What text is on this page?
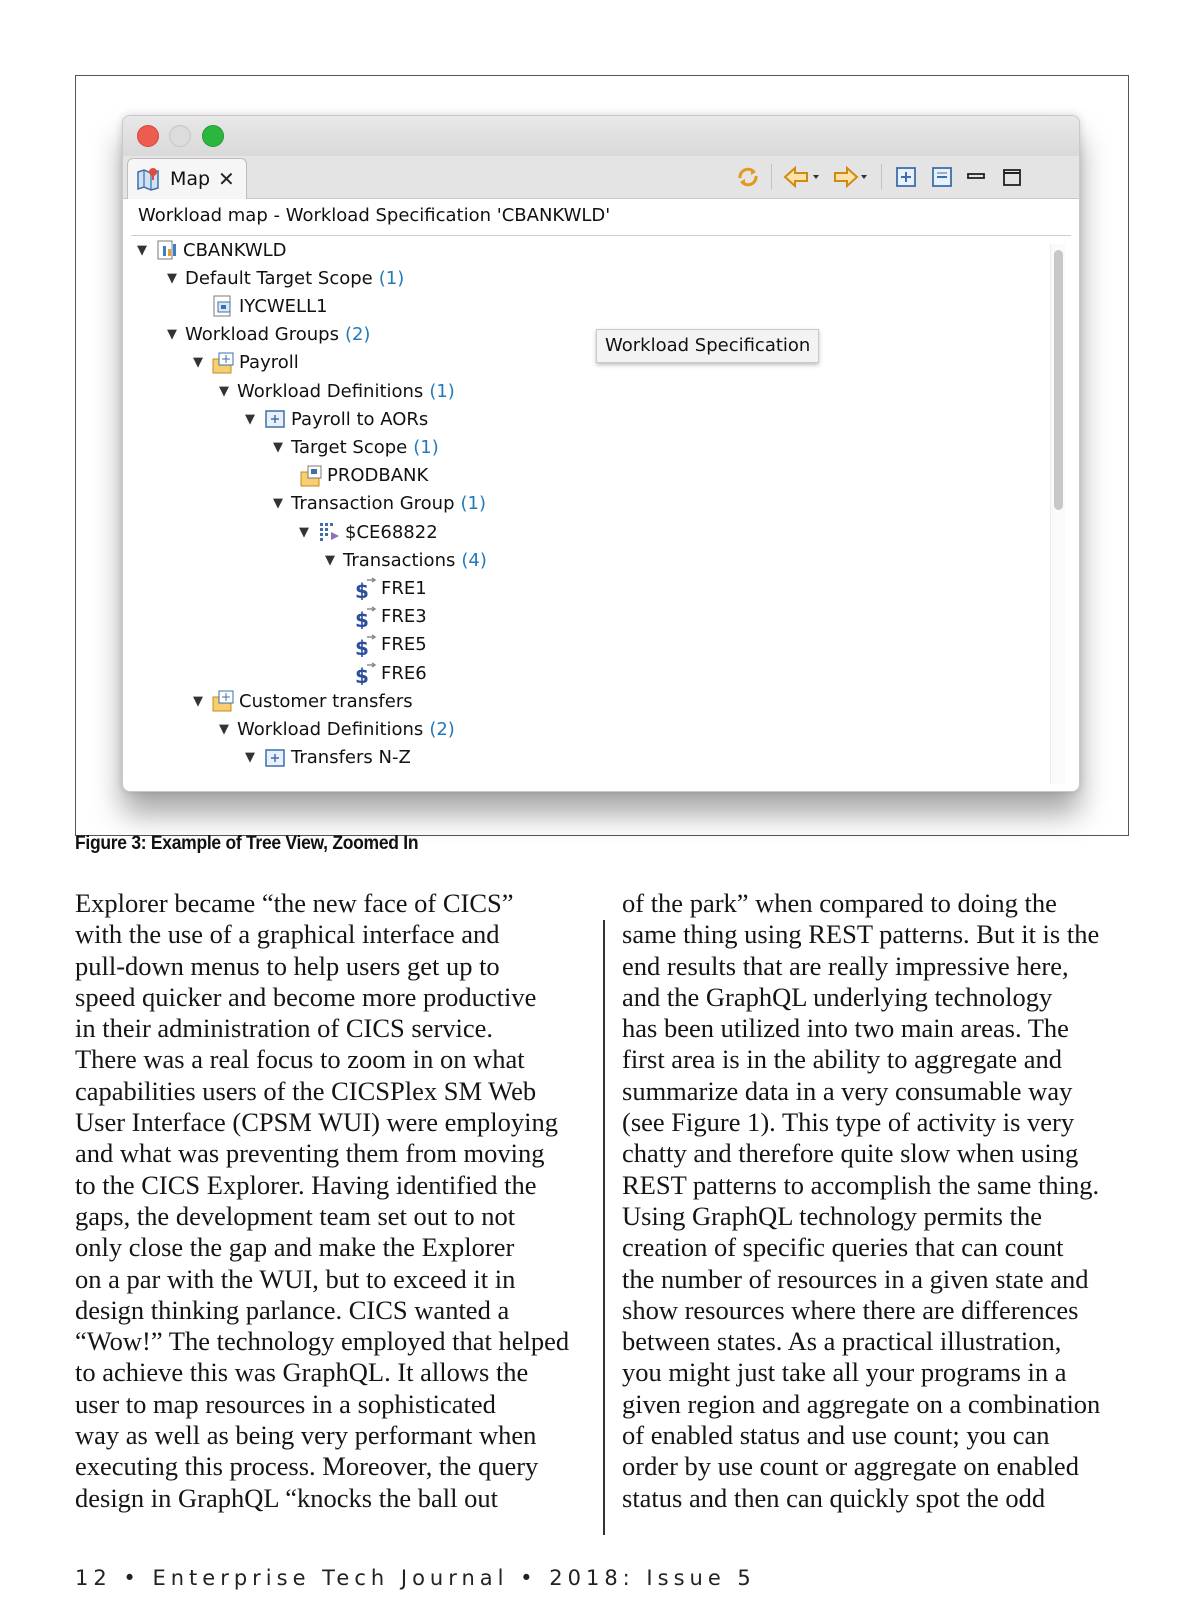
Map ✕
Workload map - Workload Specification 'CBANKWLD'
▼ CBANKWLD
▼ Default Target Scope (1)
IYCWELL1
▼ Workload Groups (2)
▼ Payroll
▼ Workload Definitions (1)
▼ Payroll to AORs
▼ Target Scope (1)
PRODBANK
▼ Transaction Group (1)
▼ $CE68822
▼ Transactions (4)
$ FRE1
$ FRE3
$ FRE5
$ FRE6
▼ Customer transfers
▼ Workload Definitions (2)
▼ Transfers N-Z
Workload Specification
Figure 3: Example of Tree View, Zoomed In
Explorer became “the new face of CICS”
with the use of a graphical interface and
pull-down menus to help users get up to
speed quicker and become more productive
in their administration of CICS service.
There was a real focus to zoom in on what
capabilities users of the CICSPlex SM Web
User Interface (CPSM WUI) were employing
and what was preventing them from moving
to the CICS Explorer. Having identified the
gaps, the development team set out to not
only close the gap and make the Explorer
on a par with the WUI, but to exceed it in
design thinking parlance. CICS wanted a
“Wow!” The technology employed that helped
to achieve this was GraphQL. It allows the
user to map resources in a sophisticated
way as well as being very performant when
executing this process. Moreover, the query
design in GraphQL “knocks the ball out
of the park” when compared to doing the
same thing using REST patterns. But it is the
end results that are really impressive here,
and the GraphQL underlying technology
has been utilized into two main areas. The
first area is in the ability to aggregate and
summarize data in a very consumable way
(see Figure 1). This type of activity is very
chatty and therefore quite slow when using
REST patterns to accomplish the same thing.
Using GraphQL technology permits the
creation of specific queries that can count
the number of resources in a given state and
show resources where there are differences
between states. As a practical illustration,
you might just take all your programs in a
given region and aggregate on a combination
of enabled status and use count; you can
order by use count or aggregate on enabled
status and then can quickly spot the odd
12 • Enterprise Tech Journal • 2018: Issue 5
